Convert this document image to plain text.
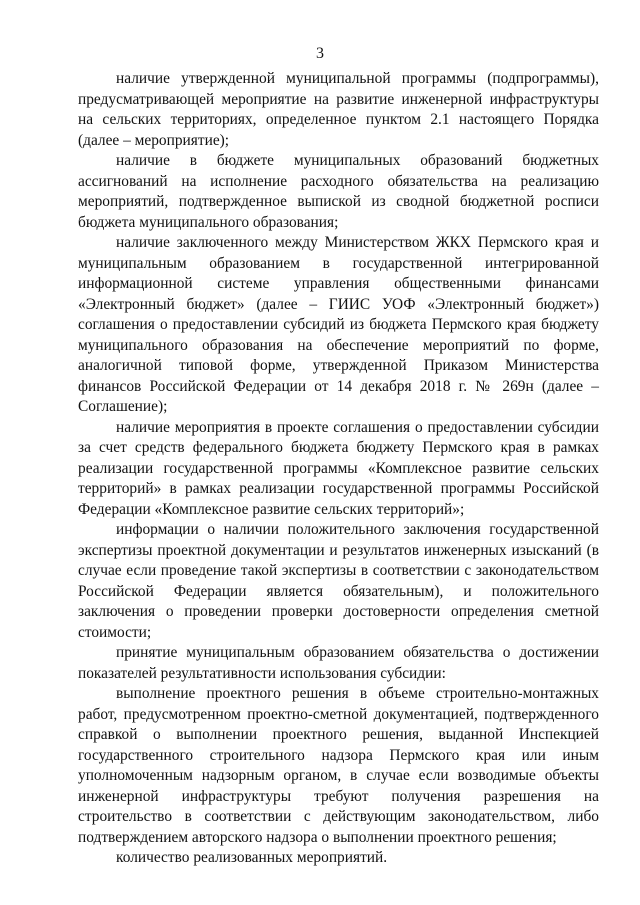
3

наличие утвержденной муниципальной программы (подпрограммы), предусматривающей мероприятие на развитие инженерной инфраструктуры на сельских территориях, определенное пунктом 2.1 настоящего Порядка (далее – мероприятие);

наличие в бюджете муниципальных образований бюджетных ассигнований на исполнение расходного обязательства на реализацию мероприятий, подтвержденное выпиской из сводной бюджетной росписи бюджета муниципального образования;

наличие заключенного между Министерством ЖКХ Пермского края и муниципальным образованием в государственной интегрированной информационной системе управления общественными финансами «Электронный бюджет» (далее – ГИИС УОФ «Электронный бюджет») соглашения о предоставлении субсидий из бюджета Пермского края бюджету муниципального образования на обеспечение мероприятий по форме, аналогичной типовой форме, утвержденной Приказом Министерства финансов Российской Федерации от 14 декабря 2018 г. № 269н (далее – Соглашение);

наличие мероприятия в проекте соглашения о предоставлении субсидии за счет средств федерального бюджета бюджету Пермского края в рамках реализации государственной программы «Комплексное развитие сельских территорий» в рамках реализации государственной программы Российской Федерации «Комплексное развитие сельских территорий»;

информации о наличии положительного заключения государственной экспертизы проектной документации и результатов инженерных изысканий (в случае если проведение такой экспертизы в соответствии с законодательством Российской Федерации является обязательным), и положительного заключения о проведении проверки достоверности определения сметной стоимости;

принятие муниципальным образованием обязательства о достижении показателей результативности использования субсидии:

выполнение проектного решения в объеме строительно-монтажных работ, предусмотренном проектно-сметной документацией, подтвержденного справкой о выполнении проектного решения, выданной Инспекцией государственного строительного надзора Пермского края или иным уполномоченным надзорным органом, в случае если возводимые объекты инженерной инфраструктуры требуют получения разрешения на строительство в соответствии с действующим законодательством, либо подтверждением авторского надзора о выполнении проектного решения;

количество реализованных мероприятий.
